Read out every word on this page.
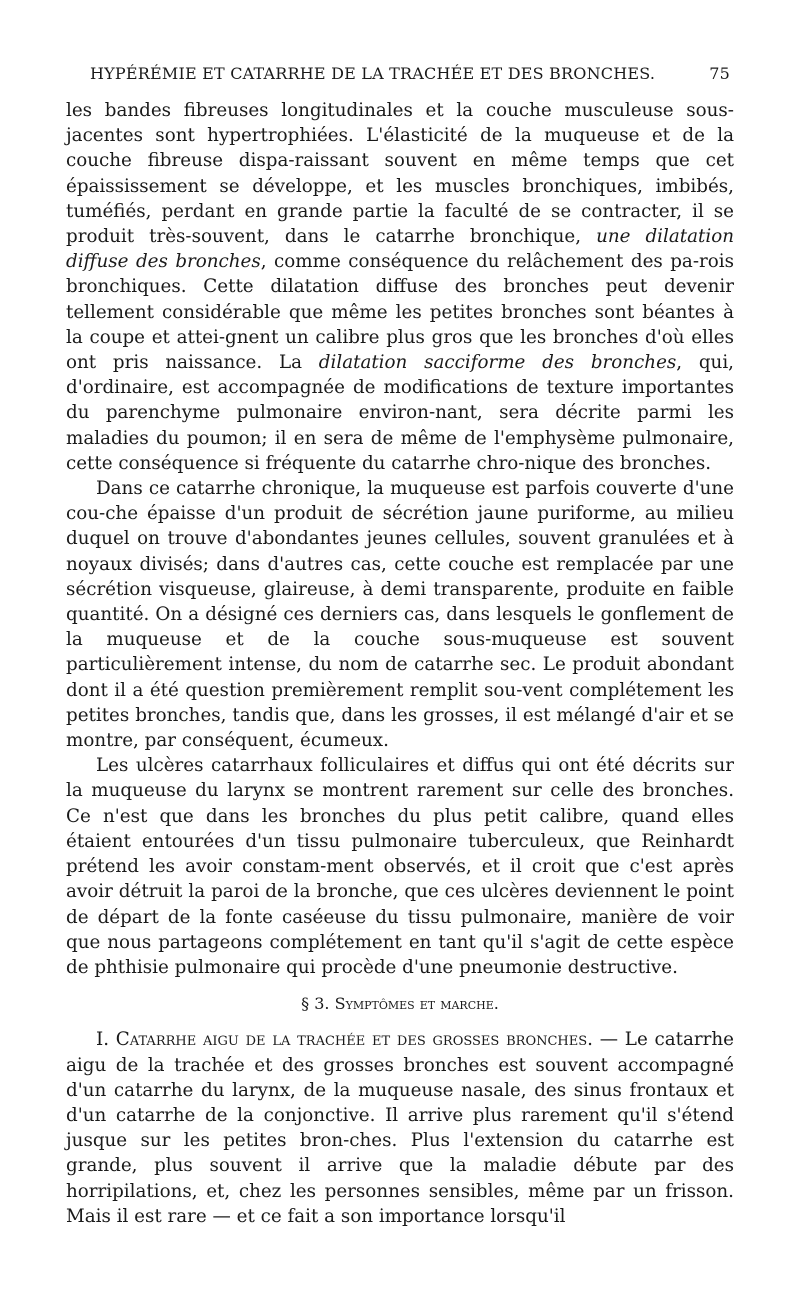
HYPÉRÉMIE ET CATARRHE DE LA TRACHÉE ET DES BRONCHES.	75

les bandes fibreuses longitudinales et la couche musculeuse sous-jacentes sont hypertrophiées. L'élasticité de la muqueuse et de la couche fibreuse dispa-raissant souvent en même temps que cet épaississement se développe, et les muscles bronchiques, imbibés, tuméfiés, perdant en grande partie la faculté de se contracter, il se produit très-souvent, dans le catarrhe bronchique, une dilatation diffuse des bronches, comme conséquence du relâchement des pa-rois bronchiques. Cette dilatation diffuse des bronches peut devenir tellement considérable que même les petites bronches sont béantes à la coupe et attei-gnent un calibre plus gros que les bronches d'où elles ont pris naissance. La dilatation sacciforme des bronches, qui, d'ordinaire, est accompagnée de modifications de texture importantes du parenchyme pulmonaire environ-nant, sera décrite parmi les maladies du poumon; il en sera de même de l'emphysème pulmonaire, cette conséquence si fréquente du catarrhe chro-nique des bronches.

Dans ce catarrhe chronique, la muqueuse est parfois couverte d'une cou-che épaisse d'un produit de sécrétion jaune puriforme, au milieu duquel on trouve d'abondantes jeunes cellules, souvent granulées et à noyaux divisés; dans d'autres cas, cette couche est remplacée par une sécrétion visqueuse, glaireuse, à demi transparente, produite en faible quantité. On a désigné ces derniers cas, dans lesquels le gonflement de la muqueuse et de la couche sous-muqueuse est souvent particulièrement intense, du nom de catarrhe sec. Le produit abondant dont il a été question premièrement remplit sou-vent complétement les petites bronches, tandis que, dans les grosses, il est mélangé d'air et se montre, par conséquent, écumeux.

Les ulcères catarrhaux folliculaires et diffus qui ont été décrits sur la muqueuse du larynx se montrent rarement sur celle des bronches. Ce n'est que dans les bronches du plus petit calibre, quand elles étaient entourées d'un tissu pulmonaire tuberculeux, que Reinhardt prétend les avoir constam-ment observés, et il croit que c'est après avoir détruit la paroi de la bronche, que ces ulcères deviennent le point de départ de la fonte caséeuse du tissu pulmonaire, manière de voir que nous partageons complétement en tant qu'il s'agit de cette espèce de phthisie pulmonaire qui procède d'une pneumonie destructive.

§ 3. Symptômes et marche.

I. Catarrhe aigu de la trachée et des grosses bronches. — Le catarrhe aigu de la trachée et des grosses bronches est souvent accompagné d'un catarrhe du larynx, de la muqueuse nasale, des sinus frontaux et d'un catarrhe de la conjonctive. Il arrive plus rarement qu'il s'étend jusque sur les petites bron-ches. Plus l'extension du catarrhe est grande, plus souvent il arrive que la maladie débute par des horripilations, et, chez les personnes sensibles, même par un frisson. Mais il est rare — et ce fait a son importance lorsqu'il
